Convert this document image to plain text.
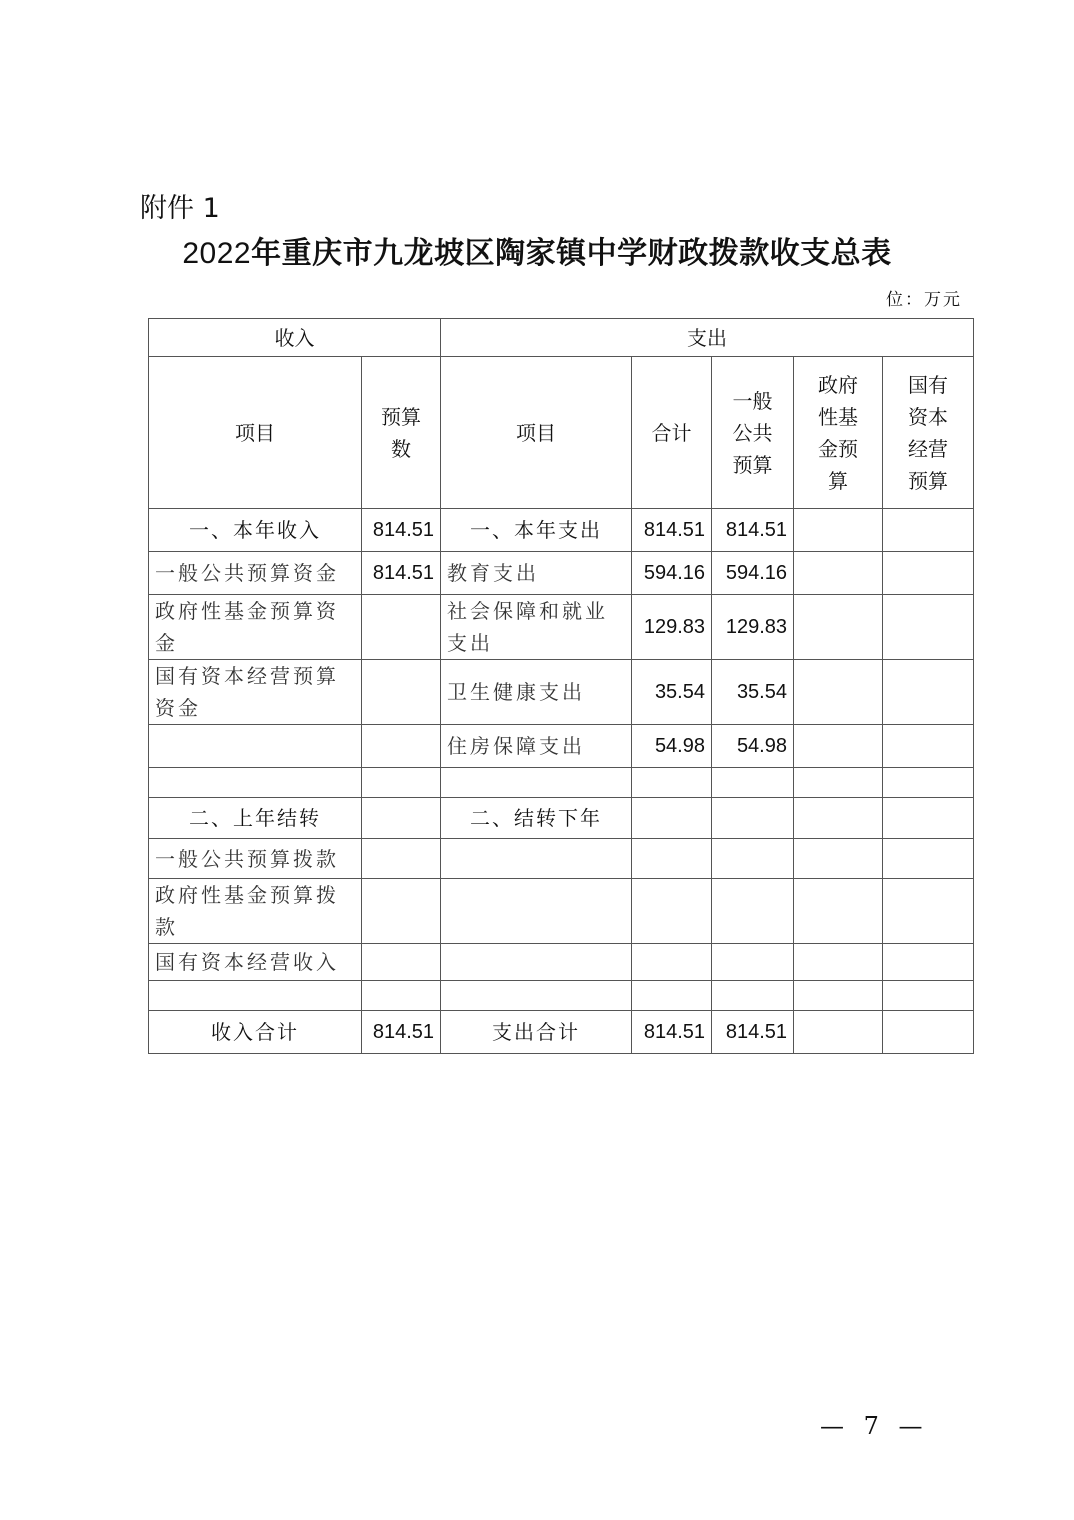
附件 1
2022年重庆市九龙坡区陶家镇中学财政拨款收支总表
位：万元
收入		支出				
项目	预算数	项目	合计	一般公共预算	政府性基金预算	国有资本经营预算
一、本年收入	814.51	一、本年支出	814.51	814.51		
一般公共预算资金	814.51	教育支出	594.16	594.16		
政府性基金预算资金		社会保障和就业支出	129.83	129.83		
国有资本经营预算资金		卫生健康支出	35.54	35.54		
		住房保障支出	54.98	54.98		

二、上年结转		二、结转下年				
一般公共预算拨款						
政府性基金预算拨款						
国有资本经营收入						

收入合计	814.51	支出合计	814.51	814.51		
— 7 —
